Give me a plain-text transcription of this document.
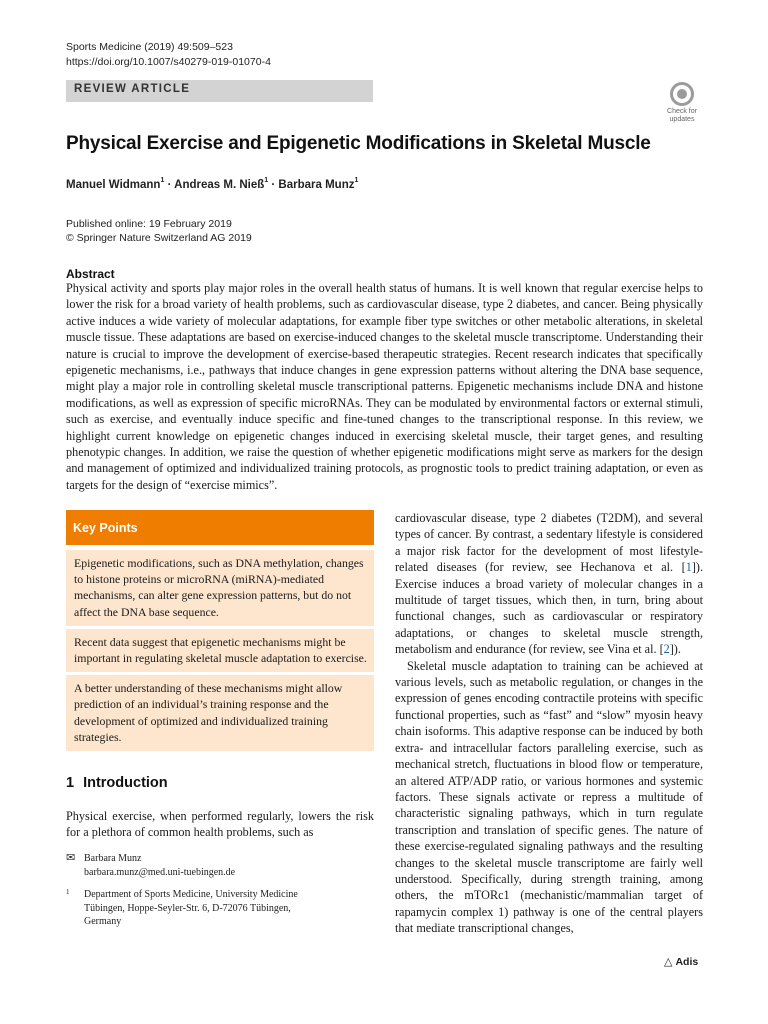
Sports Medicine (2019) 49:509–523
https://doi.org/10.1007/s40279-019-01070-4
REVIEW ARTICLE
Check for
updates
Physical Exercise and Epigenetic Modifications in Skeletal Muscle
Manuel Widmann$^1$ · Andreas M. Nieß$^1$ · Barbara Munz$^1$
Published online: 19 February 2019
© Springer Nature Switzerland AG 2019
Abstract
Physical activity and sports play major roles in the overall health status of humans. It is well known that regular exercise helps to lower the risk for a broad variety of health problems, such as cardiovascular disease, type 2 diabetes, and cancer. Being physically active induces a wide variety of molecular adaptations, for example fiber type switches or other metabolic alterations, in skeletal muscle tissue. These adaptations are based on exercise-induced changes to the skeletal muscle transcriptome. Understanding their nature is crucial to improve the development of exercise-based therapeutic strategies. Recent research indicates that specifically epigenetic mechanisms, i.e., pathways that induce changes in gene expression patterns without altering the DNA base sequence, might play a major role in controlling skeletal muscle transcriptional patterns. Epigenetic mechanisms include DNA and histone modifications, as well as expression of specific microRNAs. They can be modulated by environmental factors or external stimuli, such as exercise, and eventually induce specific and fine-tuned changes to the transcriptional response. In this review, we highlight current knowledge on epigenetic changes induced in exercising skeletal muscle, their target genes, and resulting phenotypic changes. In addition, we raise the question of whether epigenetic modifications might serve as markers for the design and management of optimized and individualized training protocols, as prognostic tools to predict training adaptation, or even as targets for the design of “exercise mimics”.
Key Points
Epigenetic modifications, such as DNA methylation, changes to histone proteins or microRNA (miRNA)-mediated mechanisms, can alter gene expression patterns, but do not affect the DNA base sequence.
Recent data suggest that epigenetic mechanisms might be important in regulating skeletal muscle adaptation to exercise.
A better understanding of these mechanisms might allow prediction of an individual’s training response and the development of optimized and individualized training strategies.
1 Introduction
Physical exercise, when performed regularly, lowers the risk for a plethora of common health problems, such as
✉ Barbara Munz
barbara.munz@med.uni-tuebingen.de
1 Department of Sports Medicine, University Medicine
Tübingen, Hoppe-Seyler-Str. 6, D-72076 Tübingen,
Germany

cardiovascular disease, type 2 diabetes (T2DM), and several types of cancer. By contrast, a sedentary lifestyle is considered a major risk factor for the development of most lifestyle-related diseases (for review, see Hechanova et al. [1]). Exercise induces a broad variety of molecular changes in a multitude of target tissues, which then, in turn, bring about functional changes, such as cardiovascular or respiratory adaptations, or changes to skeletal muscle strength, metabolism and endurance (for review, see Vina et al. [2]).

Skeletal muscle adaptation to training can be achieved at various levels, such as metabolic regulation, or changes in the expression of genes encoding contractile proteins with specific functional properties, such as “fast” and “slow” myosin heavy chain isoforms. This adaptive response can be induced by both extra- and intracellular factors paralleling exercise, such as mechanical stretch, fluctuations in blood flow or temperature, an altered ATP/ADP ratio, or various hormones and systemic factors. These signals activate or repress a multitude of characteristic signaling pathways, which in turn regulate transcription and translation of specific genes. The nature of these exercise-regulated signaling pathways and the resulting changes to the skeletal muscle transcriptome are fairly well understood. Specifically, during strength training, among others, the mTORc1 (mechanistic/mammalian target of rapamycin complex 1) pathway is one of the central players that mediate transcriptional changes,

△ Adis
